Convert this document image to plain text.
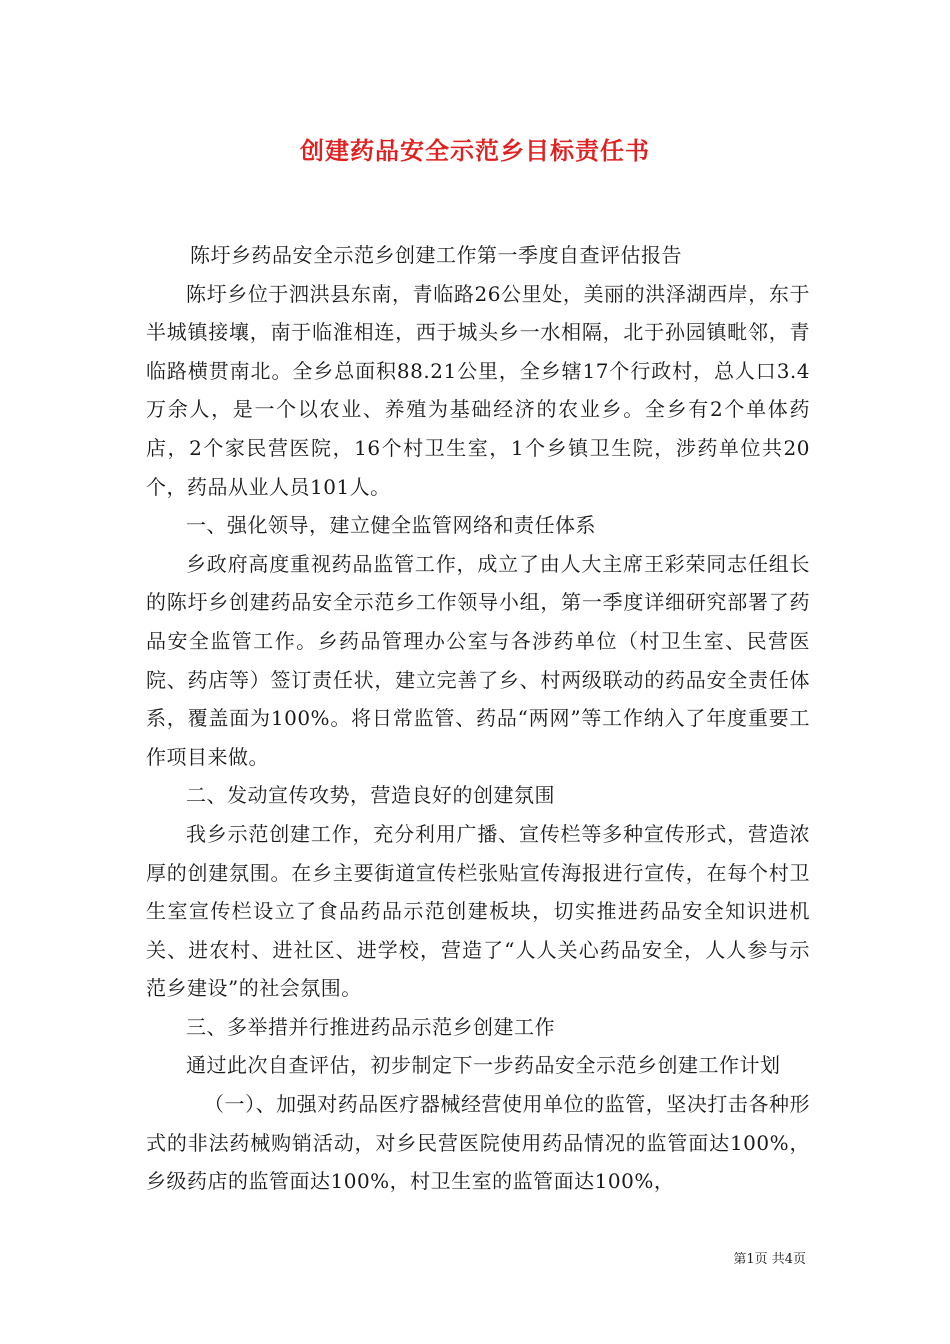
创建药品安全示范乡目标责任书

陈圩乡药品安全示范乡创建工作第一季度自查评估报告

陈圩乡位于泗洪县东南，青临路26公里处，美丽的洪泽湖西岸，东于半城镇接壤，南于临淮相连，西于城头乡一水相隔，北于孙园镇毗邻，青临路横贯南北。全乡总面积88.21公里，全乡辖17个行政村，总人口3.4万余人，是一个以农业、养殖为基础经济的农业乡。全乡有2个单体药店，2个家民营医院，16个村卫生室，1个乡镇卫生院，涉药单位共20个，药品从业人员101人。

一、强化领导，建立健全监管网络和责任体系

乡政府高度重视药品监管工作，成立了由人大主席王彩荣同志任组长的陈圩乡创建药品安全示范乡工作领导小组，第一季度详细研究部署了药品安全监管工作。乡药品管理办公室与各涉药单位（村卫生室、民营医院、药店等）签订责任状，建立完善了乡、村两级联动的药品安全责任体系，覆盖面为100%。将日常监管、药品“两网”等工作纳入了年度重要工作项目来做。

二、发动宣传攻势，营造良好的创建氛围

我乡示范创建工作，充分利用广播、宣传栏等多种宣传形式，营造浓厚的创建氛围。在乡主要街道宣传栏张贴宣传海报进行宣传，在每个村卫生室宣传栏设立了食品药品示范创建板块，切实推进药品安全知识进机关、进农村、进社区、进学校，营造了“人人关心药品安全，人人参与示范乡建设”的社会氛围。

三、多举措并行推进药品示范乡创建工作

通过此次自查评估，初步制定下一步药品安全示范乡创建工作计划

（一）、加强对药品医疗器械经营使用单位的监管，坚决打击各种形式的非法药械购销活动，对乡民营医院使用药品情况的监管面达100%，乡级药店的监管面达100%，村卫生室的监管面达100%，

第1页 共4页
